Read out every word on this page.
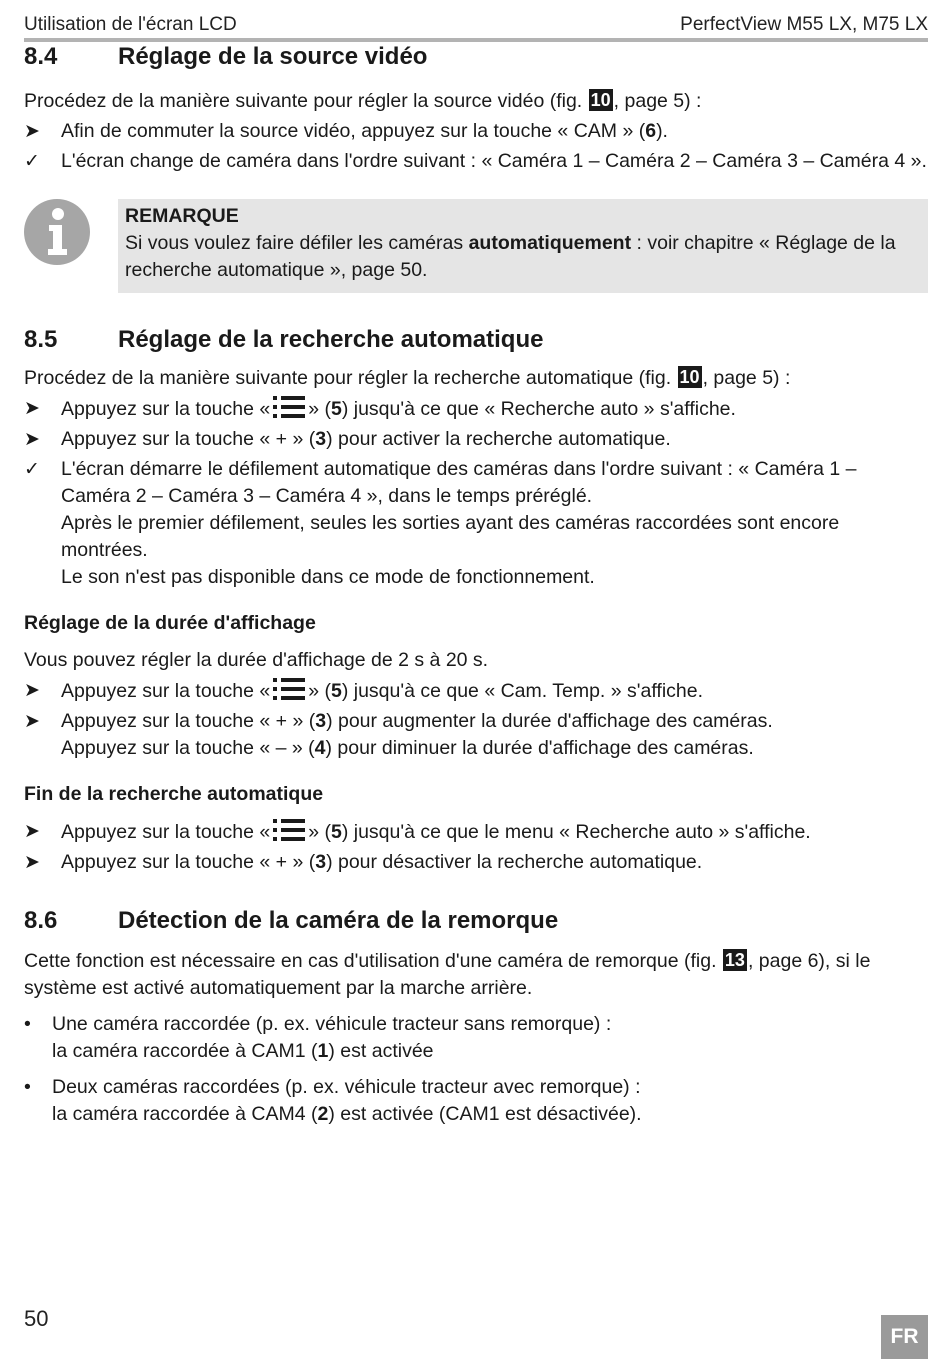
Utilisation de l'écran LCD	PerfectView M55 LX, M75 LX
8.4	Réglage de la source vidéo

Procédez de la manière suivante pour régler la source vidéo (fig. 10 , page 5) :

➤	Afin de commuter la source vidéo, appuyez sur la touche « CAM » (6).
✓	L'écran change de caméra dans l'ordre suivant : « Caméra 1 – Caméra 2 – Caméra 3 – Caméra 4 ».
REMARQUE

Si vous voulez faire défiler les caméras automatiquement : voir chapitre « Réglage de la recherche automatique », page 50.

8.5	Réglage de la recherche automatique

Procédez de la manière suivante pour régler la recherche automatique (fig. 10 , page 5) :

➤	Appuyez sur la touche « » (5) jusqu'à ce que « Recherche auto » s'affiche.
➤	Appuyez sur la touche « + » (3) pour activer la recherche automatique.
✓	L'écran démarre le défilement automatique des caméras dans l'ordre suivant : « Caméra 1 – Caméra 2 – Caméra 3 – Caméra 4 », dans le temps préréglé.
Après le premier défilement, seules les sorties ayant des caméras raccordées sont encore montrées.
Le son n'est pas disponible dans ce mode de fonctionnement.
Réglage de la durée d'affichage

Vous pouvez régler la durée d'affichage de 2 s à 20 s.

➤	Appuyez sur la touche « » (5) jusqu'à ce que « Cam. Temp. » s'affiche.
➤	Appuyez sur la touche « + » (3) pour augmenter la durée d'affichage des caméras.
Appuyez sur la touche « – » (4) pour diminuer la durée d'affichage des caméras.
Fin de la recherche automatique
➤	Appuyez sur la touche « » (5) jusqu'à ce que le menu « Recherche auto » s'affiche.
➤	Appuyez sur la touche « + » (3) pour désactiver la recherche automatique.
8.6	Détection de la caméra de la remorque

Cette fonction est nécessaire en cas d'utilisation d'une caméra de remorque (fig. 13 , page 6), si le système est activé automatiquement par la marche arrière.

•	Une caméra raccordée (p. ex. véhicule tracteur sans remorque) :
la caméra raccordée à CAM1 (1) est activée
•	Deux caméras raccordées (p. ex. véhicule tracteur avec remorque) :
la caméra raccordée à CAM4 (2) est activée (CAM1 est désactivée).
50
FR
